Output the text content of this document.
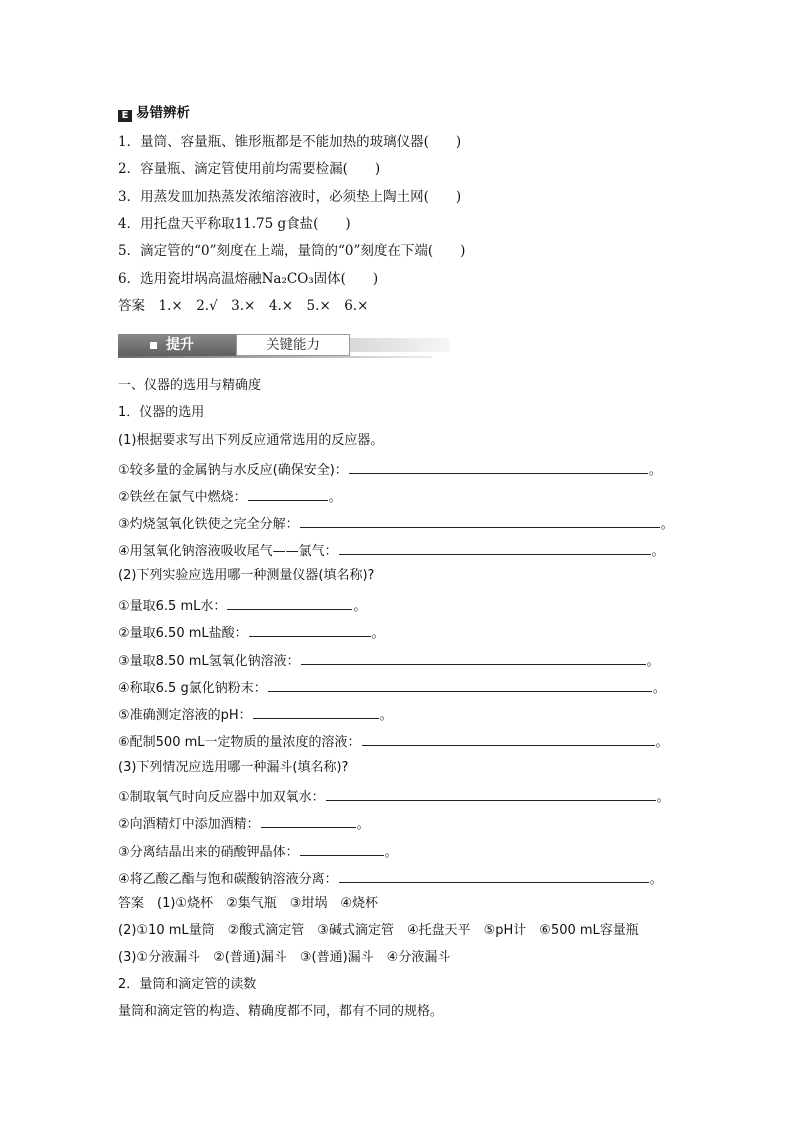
E 易错辨析
1．量筒、容量瓶、锥形瓶都是不能加热的玻璃仪器(　　)
2．容量瓶、滴定管使用前均需要检漏(　　)
3．用蒸发皿加热蒸发浓缩溶液时，必须垫上陶土网(　　)
4．用托盘天平称取11.75 g食盐(　　)
5．滴定管的“0”刻度在上端，量筒的“0”刻度在下端(　　)
6．选用瓷坩埚高温熔融Na₂CO₃固体(　　)
答案　1.×　2.√　3.×　4.×　5.×　6.×
提升	关键能力
一、仪器的选用与精确度
1．仪器的选用
(1)根据要求写出下列反应通常选用的反应器。
①较多量的金属钠与水反应(确保安全)：	。
②铁丝在氯气中燃烧：	。
③灼烧氢氧化铁使之完全分解：	。
④用氢氧化钠溶液吸收尾气——氯气：	。
(2)下列实验应选用哪一种测量仪器(填名称)?
①量取6.5 mL水：	。
②量取6.50 mL盐酸：	。
③量取8.50 mL氢氧化钠溶液：	。
④称取6.5 g氯化钠粉末：	。
⑤准确测定溶液的pH：	。
⑥配制500 mL一定物质的量浓度的溶液：	。
(3)下列情况应选用哪一种漏斗(填名称)?
①制取氧气时向反应器中加双氧水：	。
②向酒精灯中添加酒精：	。
③分离结晶出来的硝酸钾晶体：	。
④将乙酸乙酯与饱和碳酸钠溶液分离：	。
答案　(1)①烧杯　②集气瓶　③坩埚　④烧杯
(2)①10 mL量筒　②酸式滴定管　③碱式滴定管　④托盘天平　⑤pH计　⑥500 mL容量瓶
(3)①分液漏斗　②(普通)漏斗　③(普通)漏斗　④分液漏斗
2．量筒和滴定管的读数
量筒和滴定管的构造、精确度都不同，都有不同的规格。
